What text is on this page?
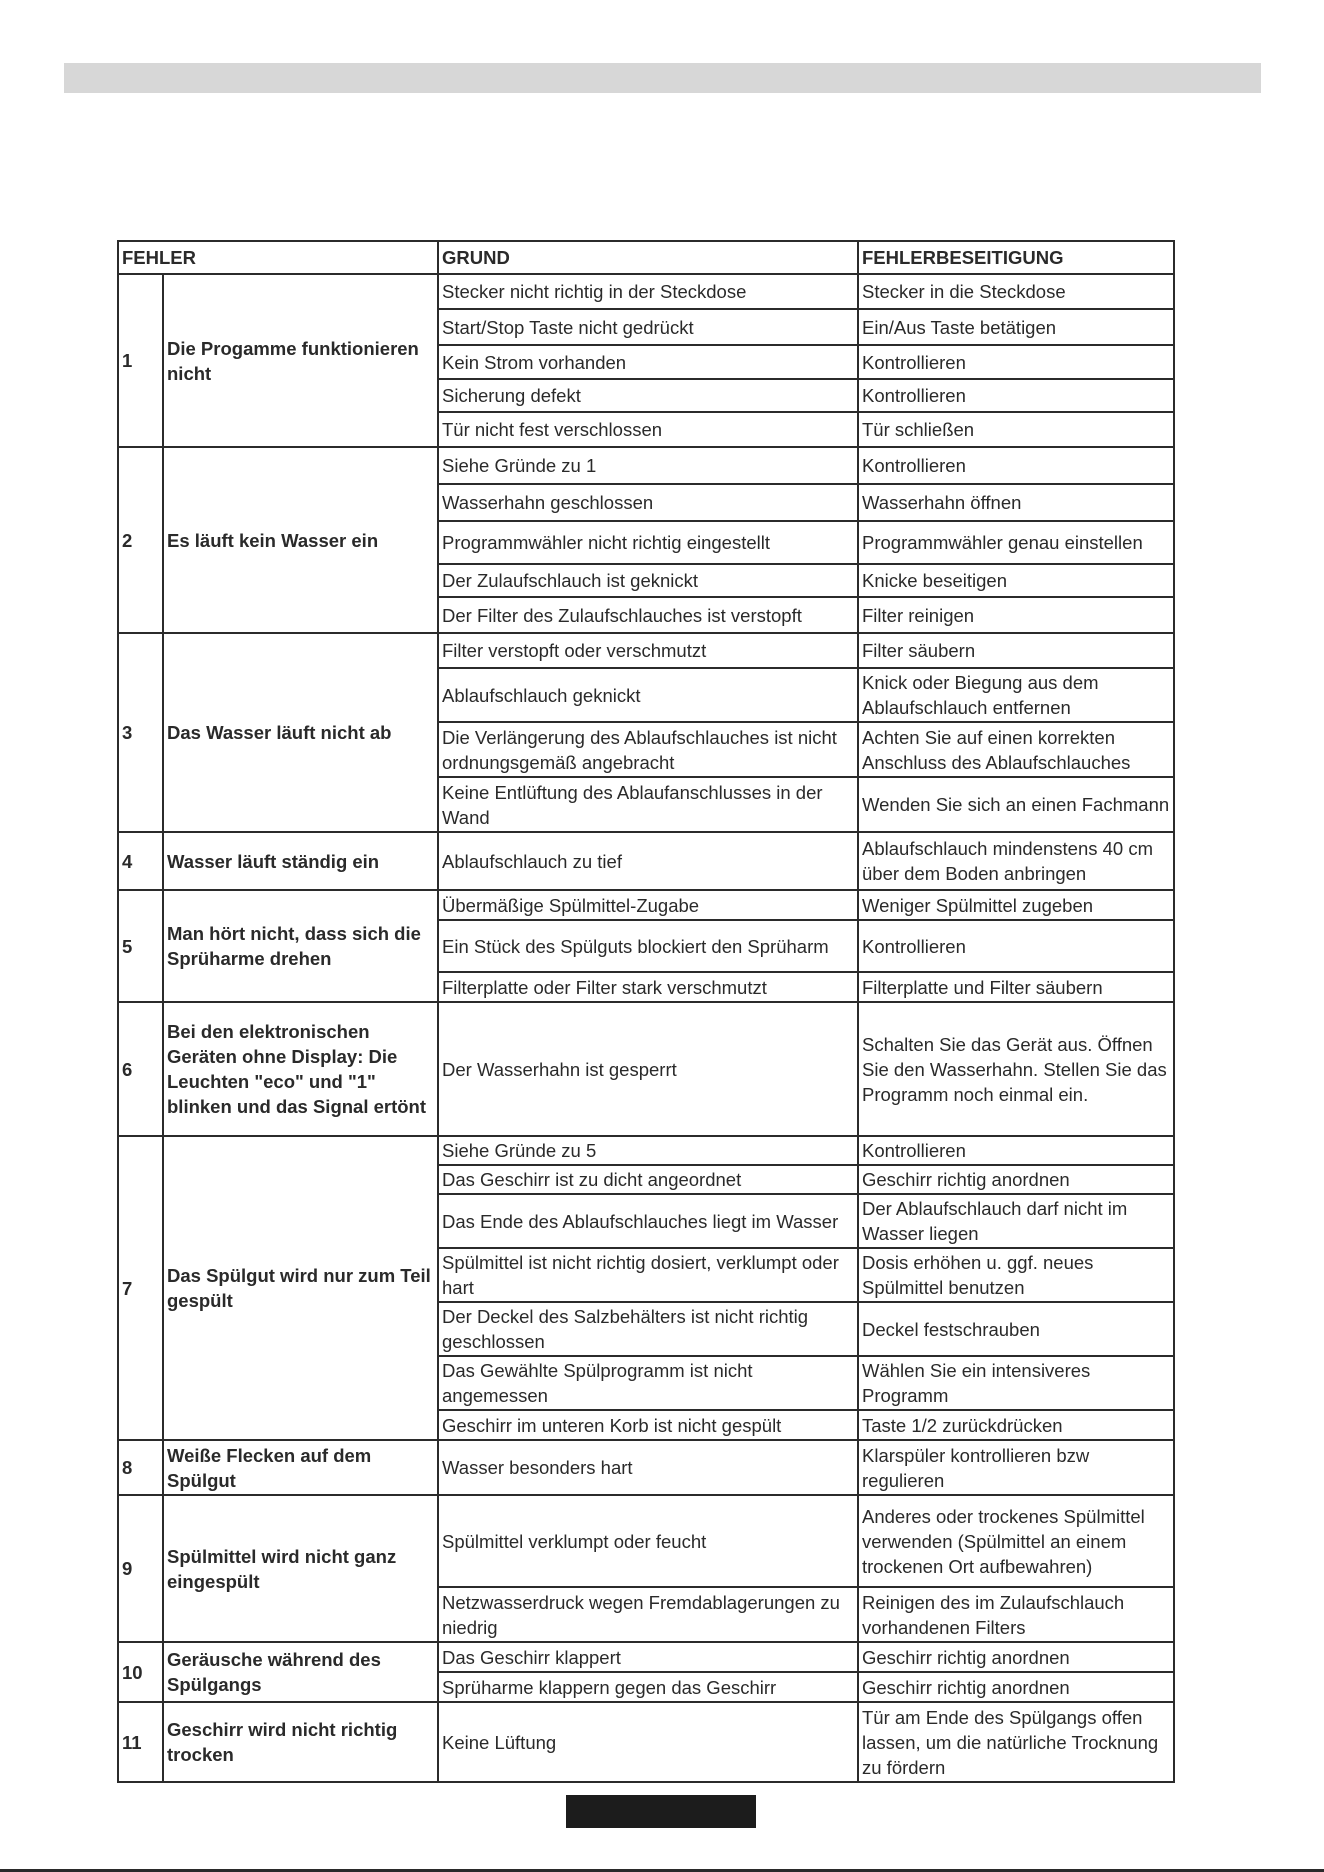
FEHLER		GRUND	FEHLERBESEITIGUNG
1	Die Progamme funktionieren nicht	Stecker nicht richtig in der Steckdose	Stecker in die Steckdose
		Start/Stop Taste nicht gedrückt	Ein/Aus Taste betätigen
		Kein Strom vorhanden	Kontrollieren
		Sicherung defekt	Kontrollieren
		Tür nicht fest verschlossen	Tür schließen
2	Es läuft kein Wasser ein	Siehe Gründe zu 1	Kontrollieren
		Wasserhahn geschlossen	Wasserhahn öffnen
		Programmwähler nicht richtig eingestellt	Programmwähler genau einstellen
		Der Zulaufschlauch ist geknickt	Knicke beseitigen
		Der Filter des Zulaufschlauches ist verstopft	Filter reinigen
3	Das Wasser läuft nicht ab	Filter verstopft oder verschmutzt	Filter säubern
		Ablaufschlauch geknickt	Knick oder Biegung aus dem Ablaufschlauch entfernen
		Die Verlängerung des Ablaufschlauches ist nicht ordnungsgemäß angebracht	Achten Sie auf einen korrekten Anschluss des Ablaufschlauches
		Keine Entlüftung des Ablaufanschlusses in der Wand	Wenden Sie sich an einen Fachmann
4	Wasser läuft ständig ein	Ablaufschlauch zu tief	Ablaufschlauch mindenstens 40 cm über dem Boden anbringen
5	Man hört nicht, dass sich die Sprüharme drehen	Übermäßige Spülmittel-Zugabe	Weniger Spülmittel zugeben
		Ein Stück des Spülguts blockiert den Sprüharm	Kontrollieren
		Filterplatte oder Filter stark verschmutzt	Filterplatte und Filter säubern
6	Bei den elektronischen Geräten ohne Display: Die Leuchten "eco" und "1" blinken und das Signal ertönt	Der Wasserhahn ist gesperrt	Schalten Sie das Gerät aus. Öffnen Sie den Wasserhahn. Stellen Sie das Programm noch einmal ein.
7	Das Spülgut wird nur zum Teil gespült	Siehe Gründe zu 5	Kontrollieren
		Das Geschirr ist zu dicht angeordnet	Geschirr richtig anordnen
		Das Ende des Ablaufschlauches liegt im Wasser	Der Ablaufschlauch darf nicht im Wasser liegen
		Spülmittel ist nicht richtig dosiert, verklumpt oder hart	Dosis erhöhen u. ggf. neues Spülmittel benutzen
		Der Deckel des Salzbehälters ist nicht richtig geschlossen	Deckel festschrauben
		Das Gewählte Spülprogramm ist nicht angemessen	Wählen Sie ein intensiveres Programm
		Geschirr im unteren Korb ist nicht gespült	Taste 1/2 zurückdrücken
8	Weiße Flecken auf dem Spülgut	Wasser besonders hart	Klarspüler kontrollieren bzw regulieren
9	Spülmittel wird nicht ganz eingespült	Spülmittel verklumpt oder feucht	Anderes oder trockenes Spülmittel verwenden (Spülmittel an einem trockenen Ort aufbewahren)
		Netzwasserdruck wegen Fremdablagerungen zu niedrig	Reinigen des im Zulaufschlauch vorhandenen Filters
10	Geräusche während des Spülgangs	Das Geschirr klappert	Geschirr richtig anordnen
		Sprüharme klappern gegen das Geschirr	Geschirr richtig anordnen
11	Geschirr wird nicht richtig trocken	Keine Lüftung	Tür am Ende des Spülgangs offen lassen, um die natürliche Trocknung zu fördern
